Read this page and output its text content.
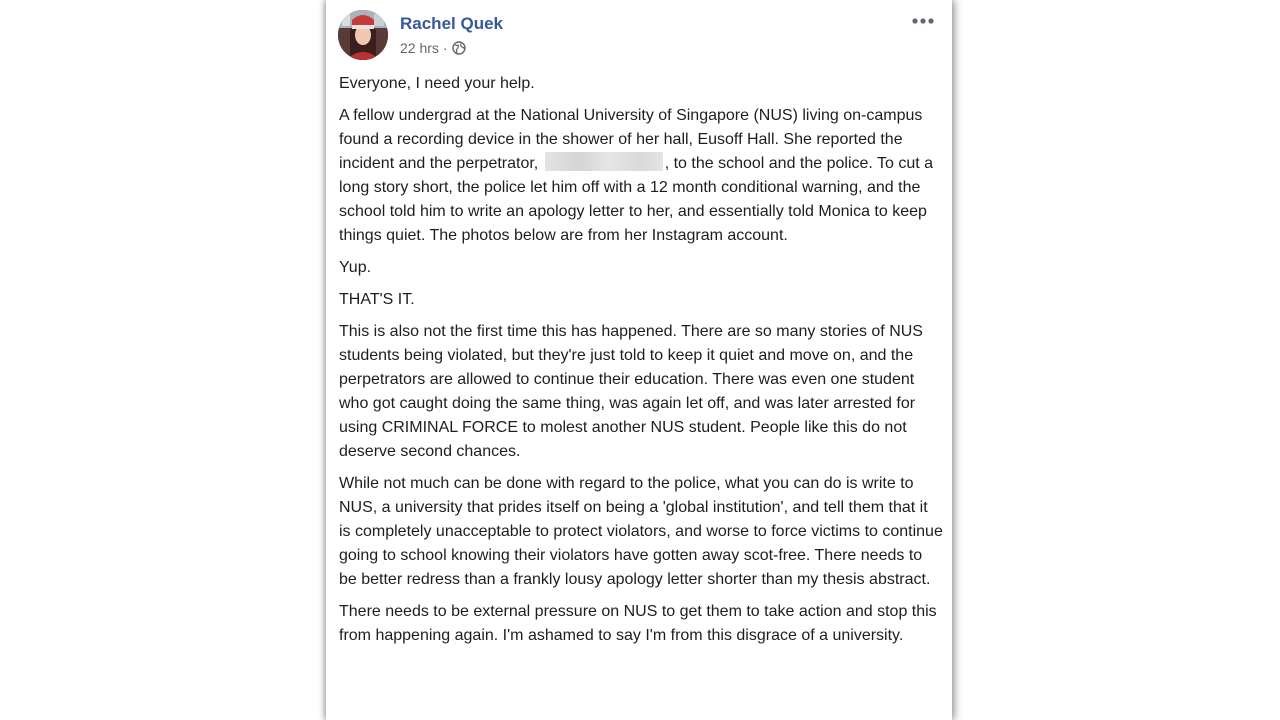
Rachel Quek
22 hrs ·

Everyone, I need your help.

A fellow undergrad at the National University of Singapore (NUS) living on-campus found a recording device in the shower of her hall, Eusoff Hall. She reported the incident and the perpetrator,	, to the school and the police. To cut a long story short, the police let him off with a 12 month conditional warning, and the school told him to write an apology letter to her, and essentially told Monica to keep things quiet. The photos below are from her Instagram account.

Yup.

THAT'S IT.

This is also not the first time this has happened. There are so many stories of NUS students being violated, but they're just told to keep it quiet and move on, and the perpetrators are allowed to continue their education. There was even one student who got caught doing the same thing, was again let off, and was later arrested for using CRIMINAL FORCE to molest another NUS student. People like this do not deserve second chances.

While not much can be done with regard to the police, what you can do is write to NUS, a university that prides itself on being a 'global institution', and tell them that it is completely unacceptable to protect violators, and worse to force victims to continue going to school knowing their violators have gotten away scot-free. There needs to be better redress than a frankly lousy apology letter shorter than my thesis abstract.

There needs to be external pressure on NUS to get them to take action and stop this from happening again. I'm ashamed to say I'm from this disgrace of a university.
